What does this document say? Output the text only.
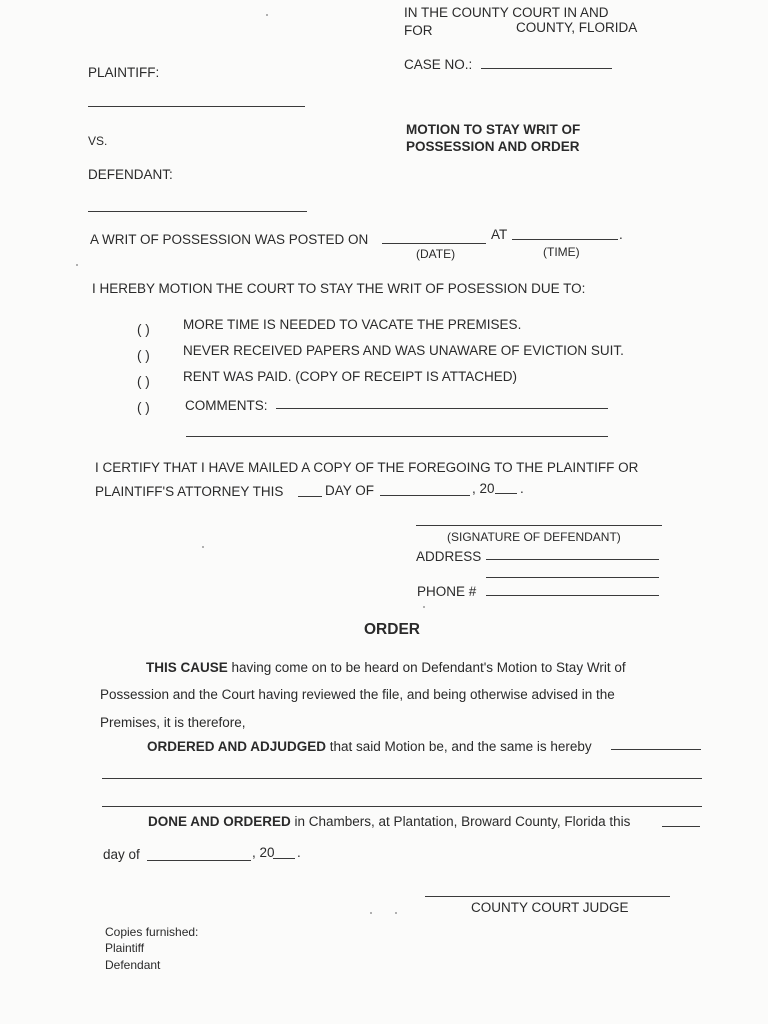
IN THE COUNTY COURT IN AND
FOR	COUNTY, FLORIDA
CASE NO.:
PLAINTIFF:
VS.
DEFENDANT:
MOTION TO STAY WRIT OF
POSSESSION AND ORDER
A WRIT OF POSSESSION WAS POSTED ON	AT	.
(DATE)	(TIME)
I HEREBY MOTION THE COURT TO STAY THE WRIT OF POSESSION DUE TO:
( ) MORE TIME IS NEEDED TO VACATE THE PREMISES.
( ) NEVER RECEIVED PAPERS AND WAS UNAWARE OF EVICTION SUIT.
( ) RENT WAS PAID. (COPY OF RECEIPT IS ATTACHED)
( )	COMMENTS:
I CERTIFY THAT I HAVE MAILED A COPY OF THE FOREGOING TO THE PLAINTIFF OR
PLAINTIFF'S ATTORNEY THIS	DAY OF	, 20 .
(SIGNATURE OF DEFENDANT)
ADDRESS
PHONE #
ORDER
THIS CAUSE having come on to be heard on Defendant's Motion to Stay Writ of
Possession and the Court having reviewed the file, and being otherwise advised in the
Premises, it is therefore,
ORDERED AND ADJUDGED that said Motion be, and the same is hereby
DONE AND ORDERED in Chambers, at Plantation, Broward County, Florida this
day of	, 20 .
COUNTY COURT JUDGE
Copies furnished:
Plaintiff
Defendant
